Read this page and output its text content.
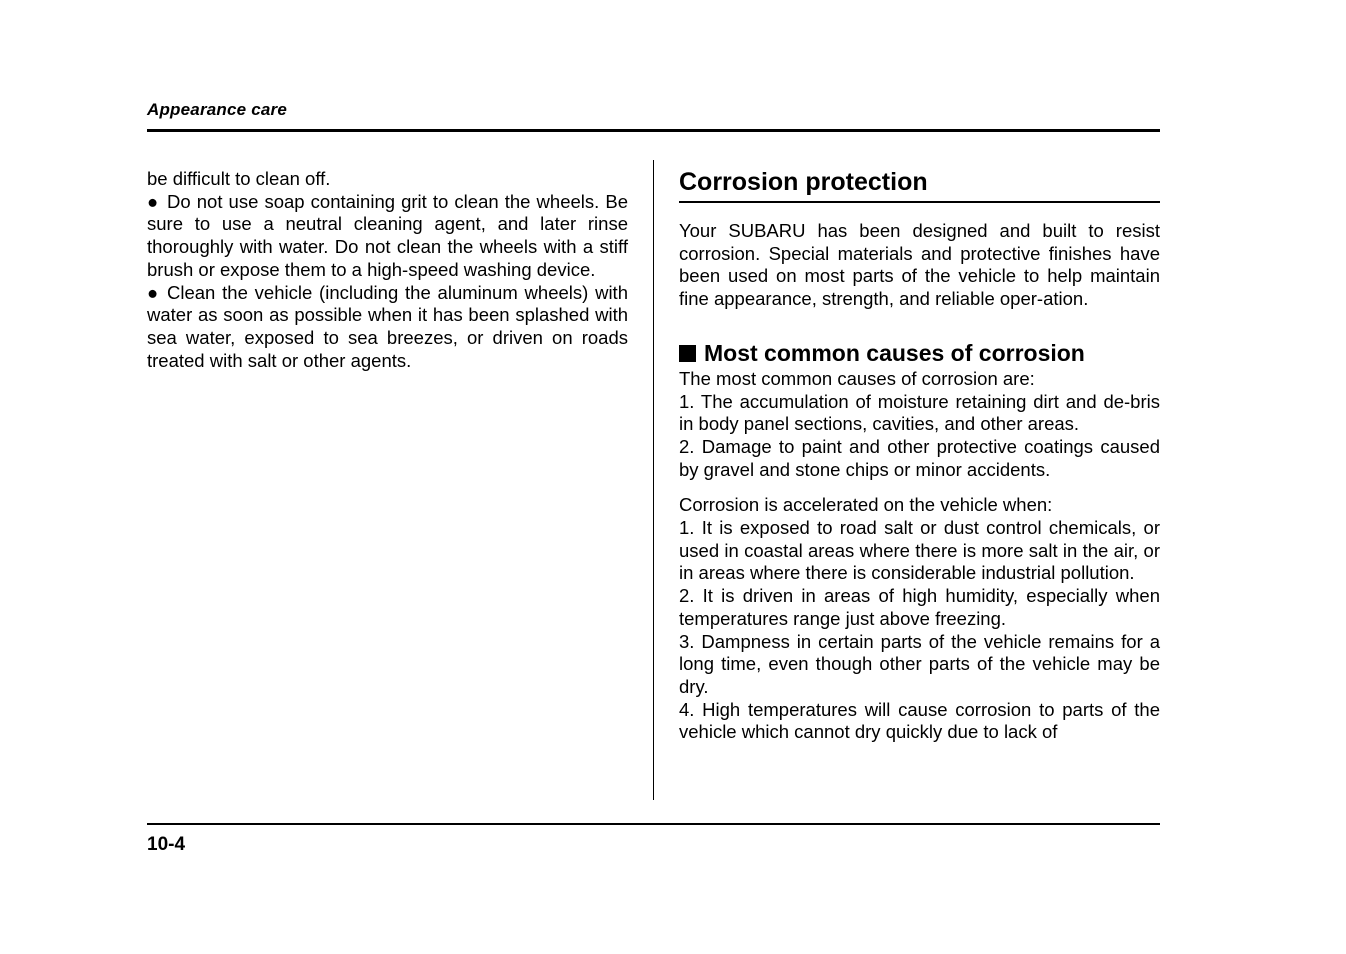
Appearance care

be difficult to clean off.

● Do not use soap containing grit to clean the wheels. Be sure to use a neutral cleaning agent, and later rinse thoroughly with water. Do not clean the wheels with a stiff brush or expose them to a high-speed washing device.

● Clean the vehicle (including the aluminum wheels) with water as soon as possible when it has been splashed with sea water, exposed to sea breezes, or driven on roads treated with salt or other agents.

Corrosion protection

Your SUBARU has been designed and built to resist corrosion. Special materials and protective finishes have been used on most parts of the vehicle to help maintain fine appearance, strength, and reliable oper-ation.

Most common causes of corrosion

The most common causes of corrosion are:

1. The accumulation of moisture retaining dirt and de-bris in body panel sections, cavities, and other areas.

2. Damage to paint and other protective coatings caused by gravel and stone chips or minor accidents.

Corrosion is accelerated on the vehicle when:

1. It is exposed to road salt or dust control chemicals, or used in coastal areas where there is more salt in the air, or in areas where there is considerable industrial pollution.

2. It is driven in areas of high humidity, especially when temperatures range just above freezing.

3. Dampness in certain parts of the vehicle remains for a long time, even though other parts of the vehicle may be dry.

4. High temperatures will cause corrosion to parts of the vehicle which cannot dry quickly due to lack of

10-4
